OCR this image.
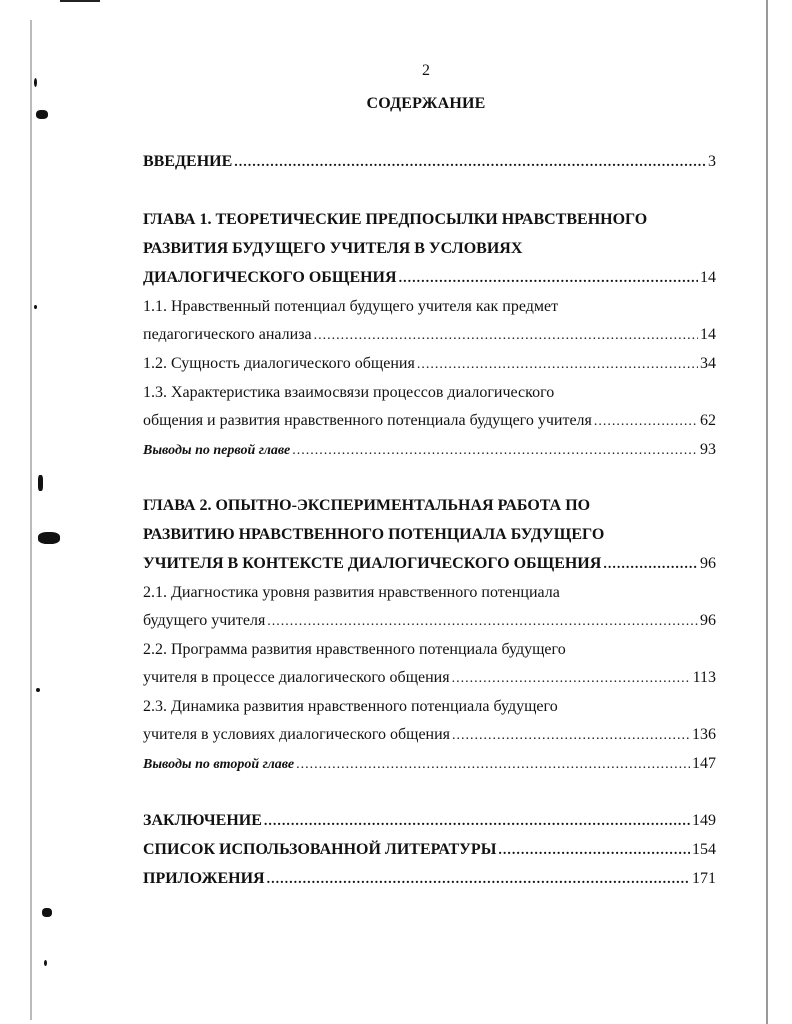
2
СОДЕРЖАНИЕ
ВВЕДЕНИЕ .....	3
ГЛАВА 1. ТЕОРЕТИЧЕСКИЕ ПРЕДПОСЫЛКИ НРАВСТВЕННОГО
РАЗВИТИЯ БУДУЩЕГО УЧИТЕЛЯ В УСЛОВИЯХ
ДИАЛОГИЧЕСКОГО ОБЩЕНИЯ .....	14
1.1. Нравственный потенциал будущего учителя как предмет
педагогического анализа .....	14
1.2. Сущность диалогического общения .....	34
1.3. Характеристика взаимосвязи процессов диалогического
общения и развития нравственного потенциала будущего учителя .....	62
Выводы по первой главе .....	93
ГЛАВА 2. ОПЫТНО-ЭКСПЕРИМЕНТАЛЬНАЯ РАБОТА ПО
РАЗВИТИЮ НРАВСТВЕННОГО ПОТЕНЦИАЛА БУДУЩЕГО
УЧИТЕЛЯ В КОНТЕКСТЕ ДИАЛОГИЧЕСКОГО ОБЩЕНИЯ .....	96
2.1. Диагностика уровня развития нравственного потенциала
будущего учителя .....	96
2.2. Программа развития нравственного потенциала будущего
учителя в процессе диалогического общения .....	113
2.3. Динамика развития нравственного потенциала будущего
учителя в условиях диалогического общения .....	136
Выводы по второй главе .....	147
ЗАКЛЮЧЕНИЕ .....	149
СПИСОК ИСПОЛЬЗОВАННОЙ ЛИТЕРАТУРЫ .....	154
ПРИЛОЖЕНИЯ .....	171
